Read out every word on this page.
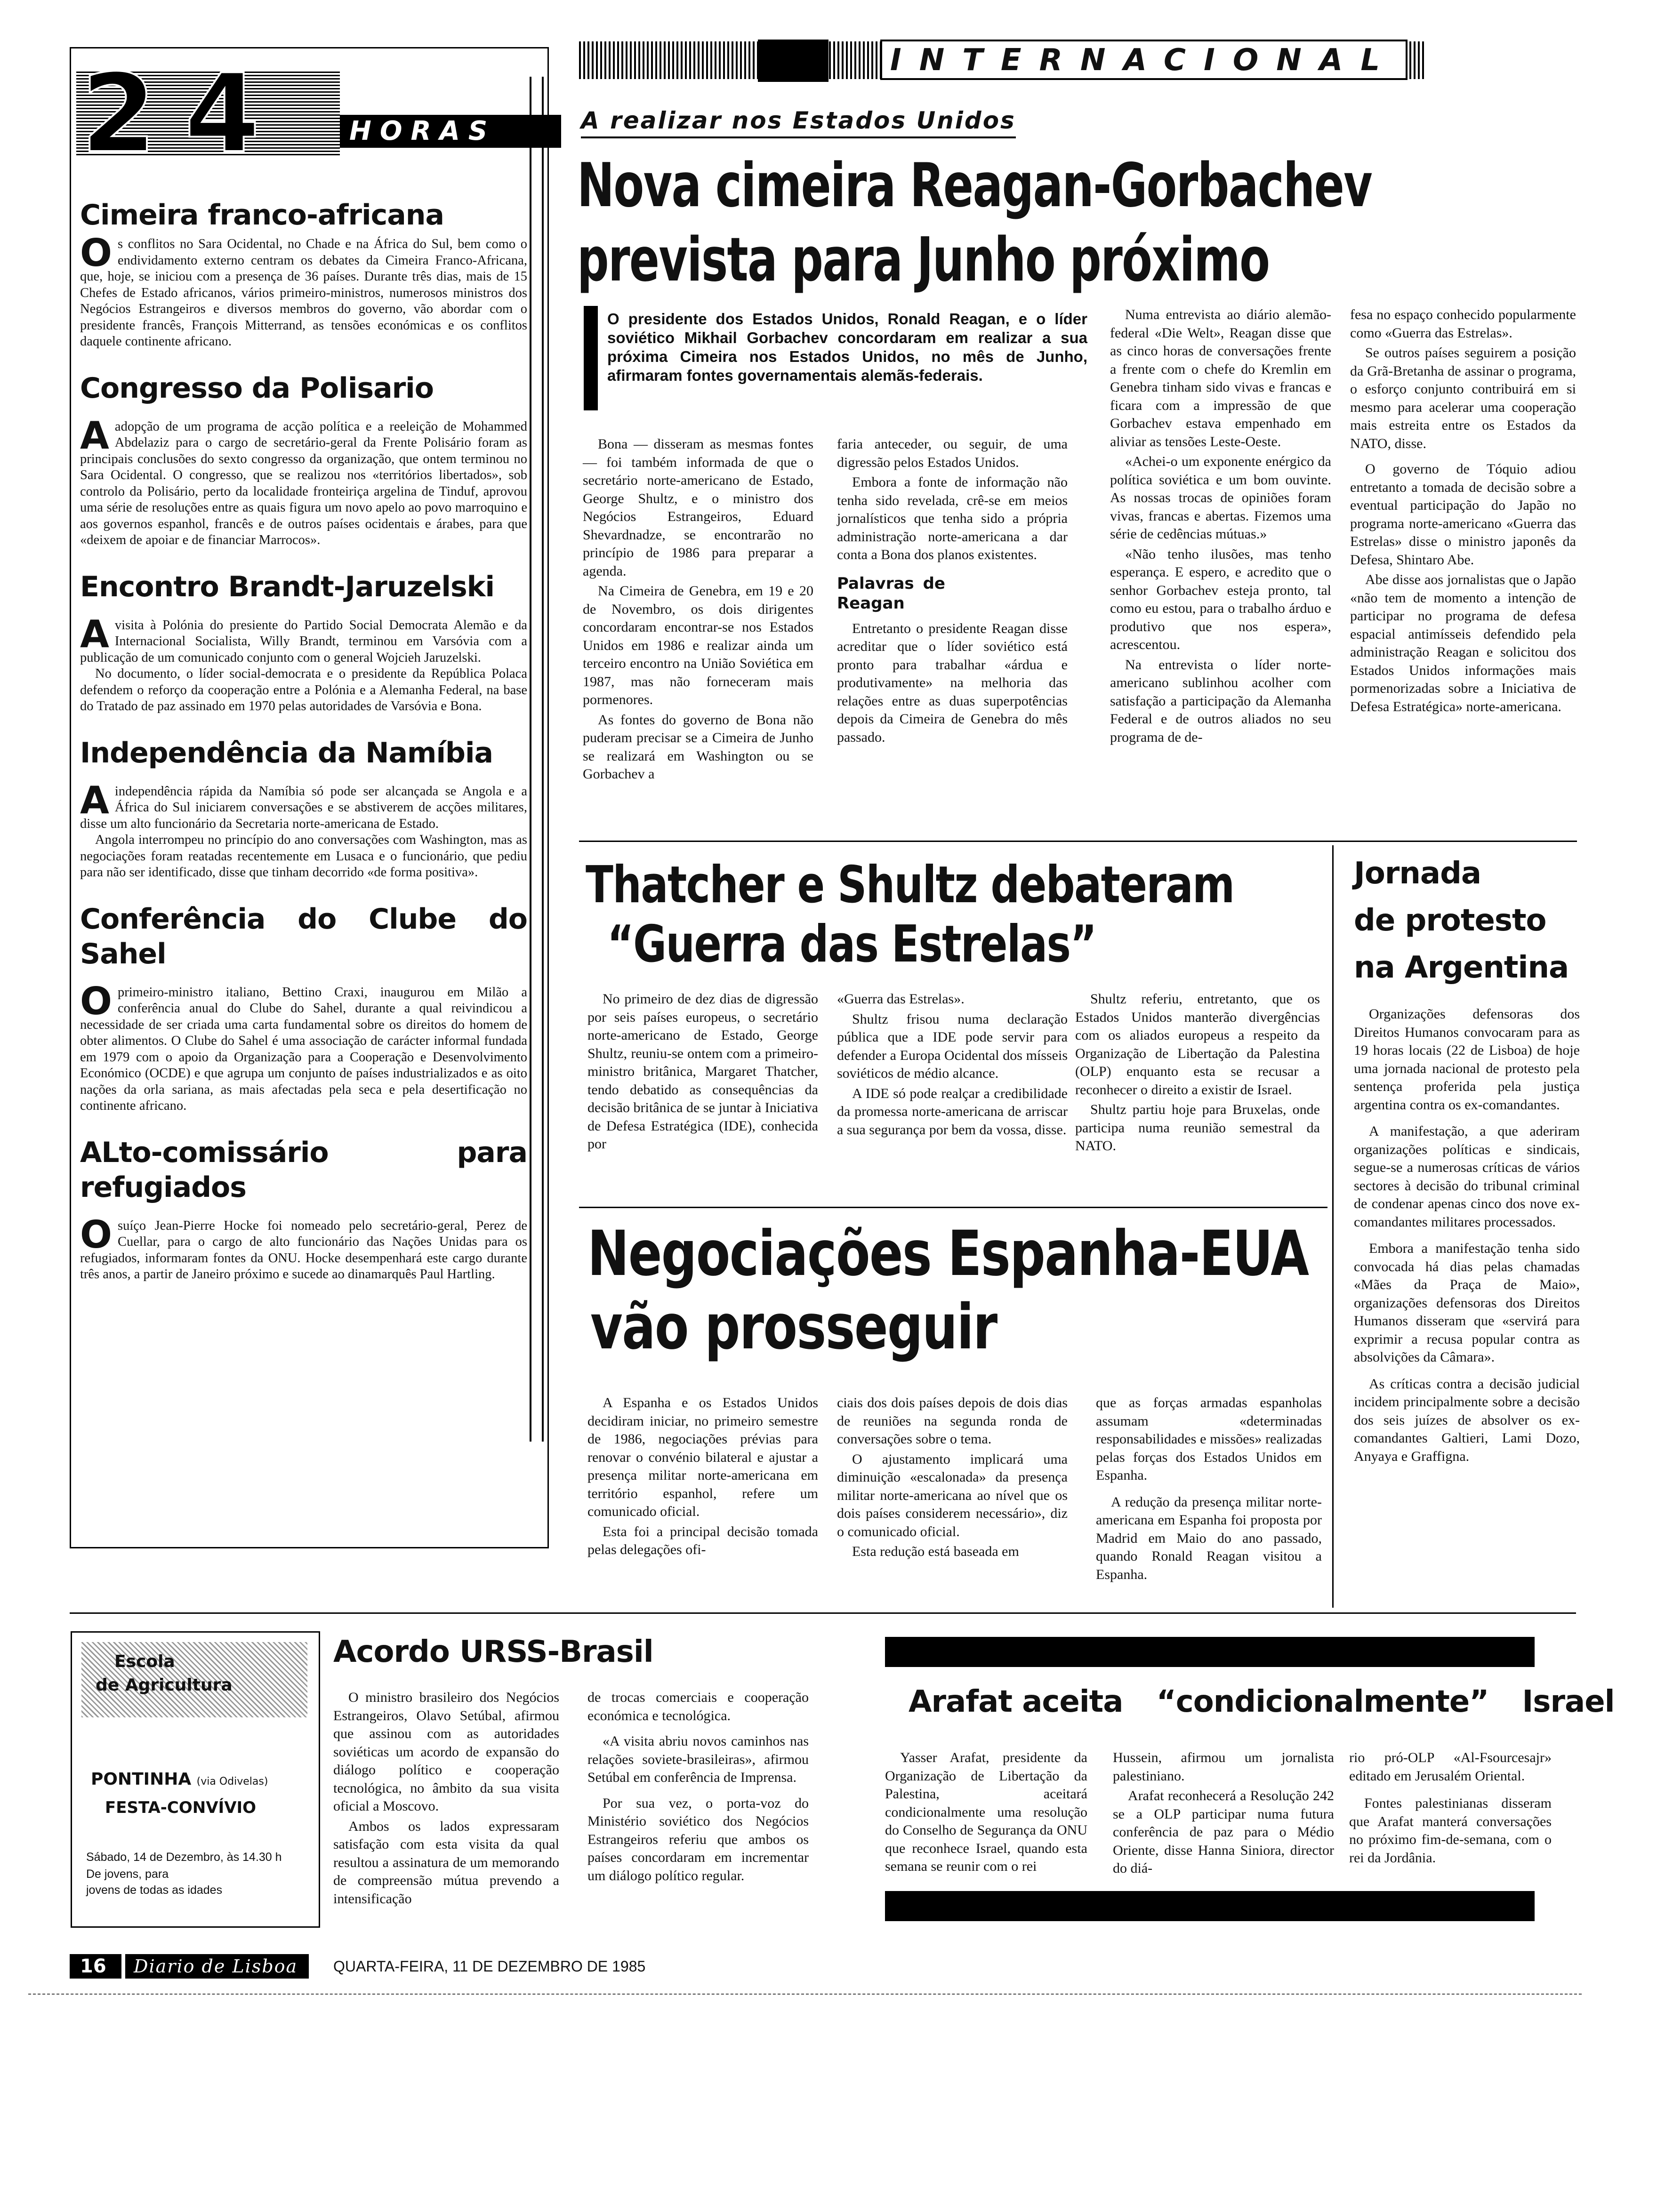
24	HORAS
Cimeira franco-africana
Os conflitos no Sara Ocidental, no Chade e na África do Sul, bem como o endividamento externo centram os debates da Cimeira Franco-Africana, que, hoje, se iniciou com a presença de 36 países. Durante três dias, mais de 15 Chefes de Estado africanos, vários primeiro-ministros, numerosos ministros dos Negócios Estrangeiros e diversos membros do governo, vão abordar com o presidente francês, François Mitterrand, as tensões económicas e os conflitos daquele continente africano.
Congresso da Polisario
Aadopção de um programa de acção política e a reeleição de Mohammed Abdelaziz para o cargo de secretário-geral da Frente Polisário foram as principais conclusões do sexto congresso da organização, que ontem terminou no Sara Ocidental. O congresso, que se realizou nos «territórios libertados», sob controlo da Polisário, perto da localidade fronteiriça argelina de Tinduf, aprovou uma série de resoluções entre as quais figura um novo apelo ao povo marroquino e aos governos espanhol, francês e de outros países ocidentais e árabes, para que «deixem de apoiar e de financiar Marrocos».
Encontro Brandt-Jaruzelski
Avisita à Polónia do presiente do Partido Social Democrata Alemão e da Internacional Socialista, Willy Brandt, terminou em Varsóvia com a publicação de um comunicado conjunto com o general Wojcieh Jaruzelski.
No documento, o líder social-democrata e o presidente da República Polaca defendem o reforço da cooperação entre a Polónia e a Alemanha Federal, na base do Tratado de paz assinado em 1970 pelas autoridades de Varsóvia e Bona.
Independência da Namíbia
Aindependência rápida da Namíbia só pode ser alcançada se Angola e a África do Sul iniciarem conversações e se abstiverem de acções militares, disse um alto funcionário da Secretaria norte-americana de Estado.
Angola interrompeu no princípio do ano conversações com Washington, mas as negociações foram reatadas recentemente em Lusaca e o funcionário, que pediu para não ser identificado, disse que tinham decorrido «de forma positiva».
Conferência do Clube do Sahel
Oprimeiro-ministro italiano, Bettino Craxi, inaugurou em Milão a conferência anual do Clube do Sahel, durante a qual reivindicou a necessidade de ser criada uma carta fundamental sobre os direitos do homem de obter alimentos. O Clube do Sahel é uma associação de carácter informal fundada em 1979 com o apoio da Organização para a Cooperação e Desenvolvimento Económico (OCDE) e que agrupa um conjunto de países industrializados e as oito nações da orla sariana, as mais afectadas pela seca e pela desertificação no continente africano.
ALto-comissário para refugiados
Osuíço Jean-Pierre Hocke foi nomeado pelo secretário-geral, Perez de Cuellar, para o cargo de alto funcionário das Nações Unidas para os refugiados, informaram fontes da ONU. Hocke desempenhará este cargo durante três anos, a partir de Janeiro próximo e sucede ao dinamarquês Paul Hartling.
INTERNACIONAL
A realizar nos Estados Unidos
Nova cimeira Reagan-Gorbachev
prevista para Junho próximo
O presidente dos Estados Unidos, Ronald Reagan, e o líder soviético Mikhail Gorbachev concordaram em realizar a sua próxima Cimeira nos Estados Unidos, no mês de Junho, afirmaram fontes governamentais alemãs-federais.

Bona — disseram as mesmas fontes — foi também informada de que o secretário norte-americano de Estado, George Shultz, e o ministro dos Negócios Estrangeiros, Eduard Shevardnadze, se encontrarão no princípio de 1986 para preparar a agenda.

Na Cimeira de Genebra, em 19 e 20 de Novembro, os dois dirigentes concordaram encontrar-se nos Estados Unidos em 1986 e realizar ainda um terceiro encontro na União Soviética em 1987, mas não forneceram mais pormenores.

As fontes do governo de Bona não puderam precisar se a Cimeira de Junho se realizará em Washington ou se Gorbachev a

faria anteceder, ou seguir, de uma digressão pelos Estados Unidos.

Embora a fonte de informação não tenha sido revelada, crê-se em meios jornalísticos que tenha sido a própria administração norte-americana a dar conta a Bona dos planos existentes.

Palavras de Reagan

Entretanto o presidente Reagan disse acreditar que o líder soviético está pronto para trabalhar «árdua e produtivamente» na melhoria das relações entre as duas superpotências depois da Cimeira de Genebra do mês passado.

Numa entrevista ao diário alemão-federal «Die Welt», Reagan disse que as cinco horas de conversações frente a frente com o chefe do Kremlin em Genebra tinham sido vivas e francas e ficara com a impressão de que Gorbachev estava empenhado em aliviar as tensões Leste-Oeste.

«Achei-o um exponente enérgico da política soviética e um bom ouvinte. As nossas trocas de opiniões foram vivas, francas e abertas. Fizemos uma série de cedências mútuas.»

«Não tenho ilusões, mas tenho esperança. E espero, e acredito que o senhor Gorbachev esteja pronto, tal como eu estou, para o trabalho árduo e produtivo que nos espera», acrescentou.

Na entrevista o líder norte-americano sublinhou acolher com satisfação a participação da Alemanha Federal e de outros aliados no seu programa de de-

fesa no espaço conhecido popularmente como «Guerra das Estrelas».

Se outros países seguirem a posição da Grã-Bretanha de assinar o programa, o esforço conjunto contribuirá em si mesmo para acelerar uma cooperação mais estreita entre os Estados da NATO, disse.

O governo de Tóquio adiou entretanto a tomada de decisão sobre a eventual participação do Japão no programa norte-americano «Guerra das Estrelas» disse o ministro japonês da Defesa, Shintaro Abe.

Abe disse aos jornalistas que o Japão «não tem de momento a intenção de participar no programa de defesa espacial antimísseis defendido pela administração Reagan e solicitou dos Estados Unidos informações mais pormenorizadas sobre a Iniciativa de Defesa Estratégica» norte-americana.

Thatcher e Shultz debateram
“Guerra das Estrelas”

No primeiro de dez dias de digressão por seis países europeus, o secretário norte-americano de Estado, George Shultz, reuniu-se ontem com a primeiro-ministro britânica, Margaret Thatcher, tendo debatido as consequências da decisão britânica de se juntar à Iniciativa de Defesa Estratégica (IDE), conhecida por

«Guerra das Estrelas».

Shultz frisou numa declaração pública que a IDE pode servir para defender a Europa Ocidental dos mísseis soviéticos de médio alcance.

A IDE só pode realçar a credibilidade da promessa norte-americana de arriscar a sua segurança por bem da vossa, disse.

Shultz referiu, entretanto, que os Estados Unidos manterão divergências com os aliados europeus a respeito da Organização de Libertação da Palestina (OLP) enquanto esta se recusar a reconhecer o direito a existir de Israel.

Shultz partiu hoje para Bruxelas, onde participa numa reunião semestral da NATO.

Jornada
de protesto
na Argentina

Organizações defensoras dos Direitos Humanos convocaram para as 19 horas locais (22 de Lisboa) de hoje uma jornada nacional de protesto pela sentença proferida pela justiça argentina contra os ex-comandantes.

A manifestação, a que aderiram organizações políticas e sindicais, segue-se a numerosas críticas de vários sectores à decisão do tribunal criminal de condenar apenas cinco dos nove ex-comandantes militares processados.

Embora a manifestação tenha sido convocada há dias pelas chamadas «Mães da Praça de Maio», organizações defensoras dos Direitos Humanos disseram que «servirá para exprimir a recusa popular contra as absolvições da Câmara».

As críticas contra a decisão judicial incidem principalmente sobre a decisão dos seis juízes de absolver os ex-comandantes Galtieri, Lami Dozo, Anyaya e Graffigna.

Negociações Espanha-EUA
vão prosseguir

A Espanha e os Estados Unidos decidiram iniciar, no primeiro semestre de 1986, negociações prévias para renovar o convénio bilateral e ajustar a presença militar norte-americana em território espanhol, refere um comunicado oficial.

Esta foi a principal decisão tomada pelas delegações ofi-

ciais dos dois países depois de dois dias de reuniões na segunda ronda de conversações sobre o tema.

O ajustamento implicará uma diminuição «escalonada» da presença militar norte-americana ao nível que os dois países considerem necessário», diz o comunicado oficial.

Esta redução está baseada em

que as forças armadas espanholas assumam «determinadas responsabilidades e missões» realizadas pelas forças dos Estados Unidos em Espanha.

A redução da presença militar norte-americana em Espanha foi proposta por Madrid em Maio do ano passado, quando Ronald Reagan visitou a Espanha.

Escola
de Agricultura
PONTINHA (via Odivelas)
FESTA-CONVÍVIO
Sábado, 14 de Dezembro, às 14.30 h
De jovens, para
jovens de todas as idades
Acordo URSS-Brasil

O ministro brasileiro dos Negócios Estrangeiros, Olavo Setúbal, afirmou que assinou com as autoridades soviéticas um acordo de expansão do diálogo político e cooperação tecnológica, no âmbito da sua visita oficial a Moscovo.

Ambos os lados expressaram satisfação com esta visita da qual resultou a assinatura de um memorando de compreensão mútua prevendo a intensificação

de trocas comerciais e cooperação económica e tecnológica.

«A visita abriu novos caminhos nas relações soviete-brasileiras», afirmou Setúbal em conferência de Imprensa.

Por sua vez, o porta-voz do Ministério soviético dos Negócios Estrangeiros referiu que ambos os países concordaram em incrementar um diálogo político regular.

Arafat aceita “condicionalmente” Israel

Yasser Arafat, presidente da Organização de Libertação da Palestina, aceitará condicionalmente uma resolução do Conselho de Segurança da ONU que reconhece Israel, quando esta semana se reunir com o rei

Hussein, afirmou um jornalista palestiniano.

Arafat reconhecerá a Resolução 242 se a OLP participar numa futura conferência de paz para o Médio Oriente, disse Hanna Siniora, director do diá-

rio pró-OLP «Al-Fsourcesajr» editado em Jerusalém Oriental.

Fontes palestinianas disseram que Arafat manterá conversações no próximo fim-de-semana, com o rei da Jordânia.

16	Diario de Lisboa	QUARTA-FEIRA, 11 DE DEZEMBRO DE 1985
